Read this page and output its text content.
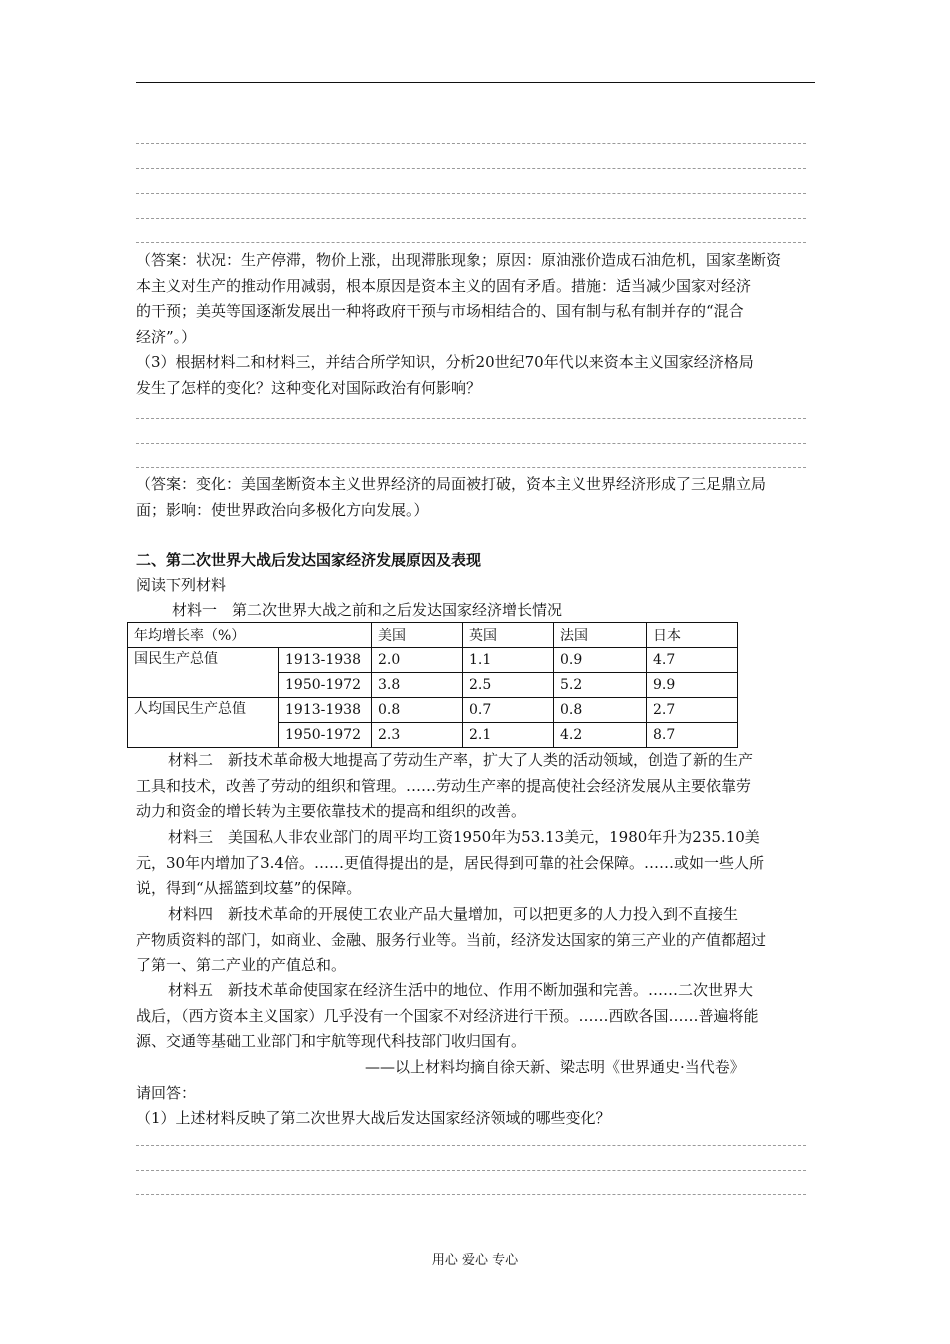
（答案：状况：生产停滞，物价上涨，出现滞胀现象；原因：原油涨价造成石油危机，国家垄断资
本主义对生产的推动作用减弱，根本原因是资本主义的固有矛盾。措施：适当减少国家对经济
的干预；美英等国逐渐发展出一种将政府干预与市场相结合的、国有制与私有制并存的“混合
经济”。）
（3）根据材料二和材料三，并结合所学知识，分析20世纪70年代以来资本主义国家经济格局
发生了怎样的变化？这种变化对国际政治有何影响？
（答案：变化：美国垄断资本主义世界经济的局面被打破，资本主义世界经济形成了三足鼎立局
面；影响：使世界政治向多极化方向发展。）
二、第二次世界大战后发达国家经济发展原因及表现
阅读下列材料
材料一　第二次世界大战之前和之后发达国家经济增长情况
年均增长率（%）		美国	英国	法国	日本
国民生产总值	1913-1938	2.0	1.1	0.9	4.7
	1950-1972	3.8	2.5	5.2	9.9
人均国民生产总值	1913-1938	0.8	0.7	0.8	2.7
	1950-1972	2.3	2.1	4.2	8.7
材料二　新技术革命极大地提高了劳动生产率，扩大了人类的活动领域，创造了新的生产
工具和技术，改善了劳动的组织和管理。……劳动生产率的提高使社会经济发展从主要依靠劳
动力和资金的增长转为主要依靠技术的提高和组织的改善。
材料三　美国私人非农业部门的周平均工资1950年为53.13美元，1980年升为235.10美
元，30年内增加了3.4倍。……更值得提出的是，居民得到可靠的社会保障。……或如一些人所
说，得到“从摇篮到坟墓”的保障。
材料四　新技术革命的开展使工农业产品大量增加，可以把更多的人力投入到不直接生
产物质资料的部门，如商业、金融、服务行业等。当前，经济发达国家的第三产业的产值都超过
了第一、第二产业的产值总和。
材料五　新技术革命使国家在经济生活中的地位、作用不断加强和完善。……二次世界大
战后，（西方资本主义国家）几乎没有一个国家不对经济进行干预。……西欧各国……普遍将能
源、交通等基础工业部门和宇航等现代科技部门收归国有。
——以上材料均摘自徐天新、梁志明《世界通史·当代卷》
请回答：
（1）上述材料反映了第二次世界大战后发达国家经济领域的哪些变化？
用心 爱心 专心
